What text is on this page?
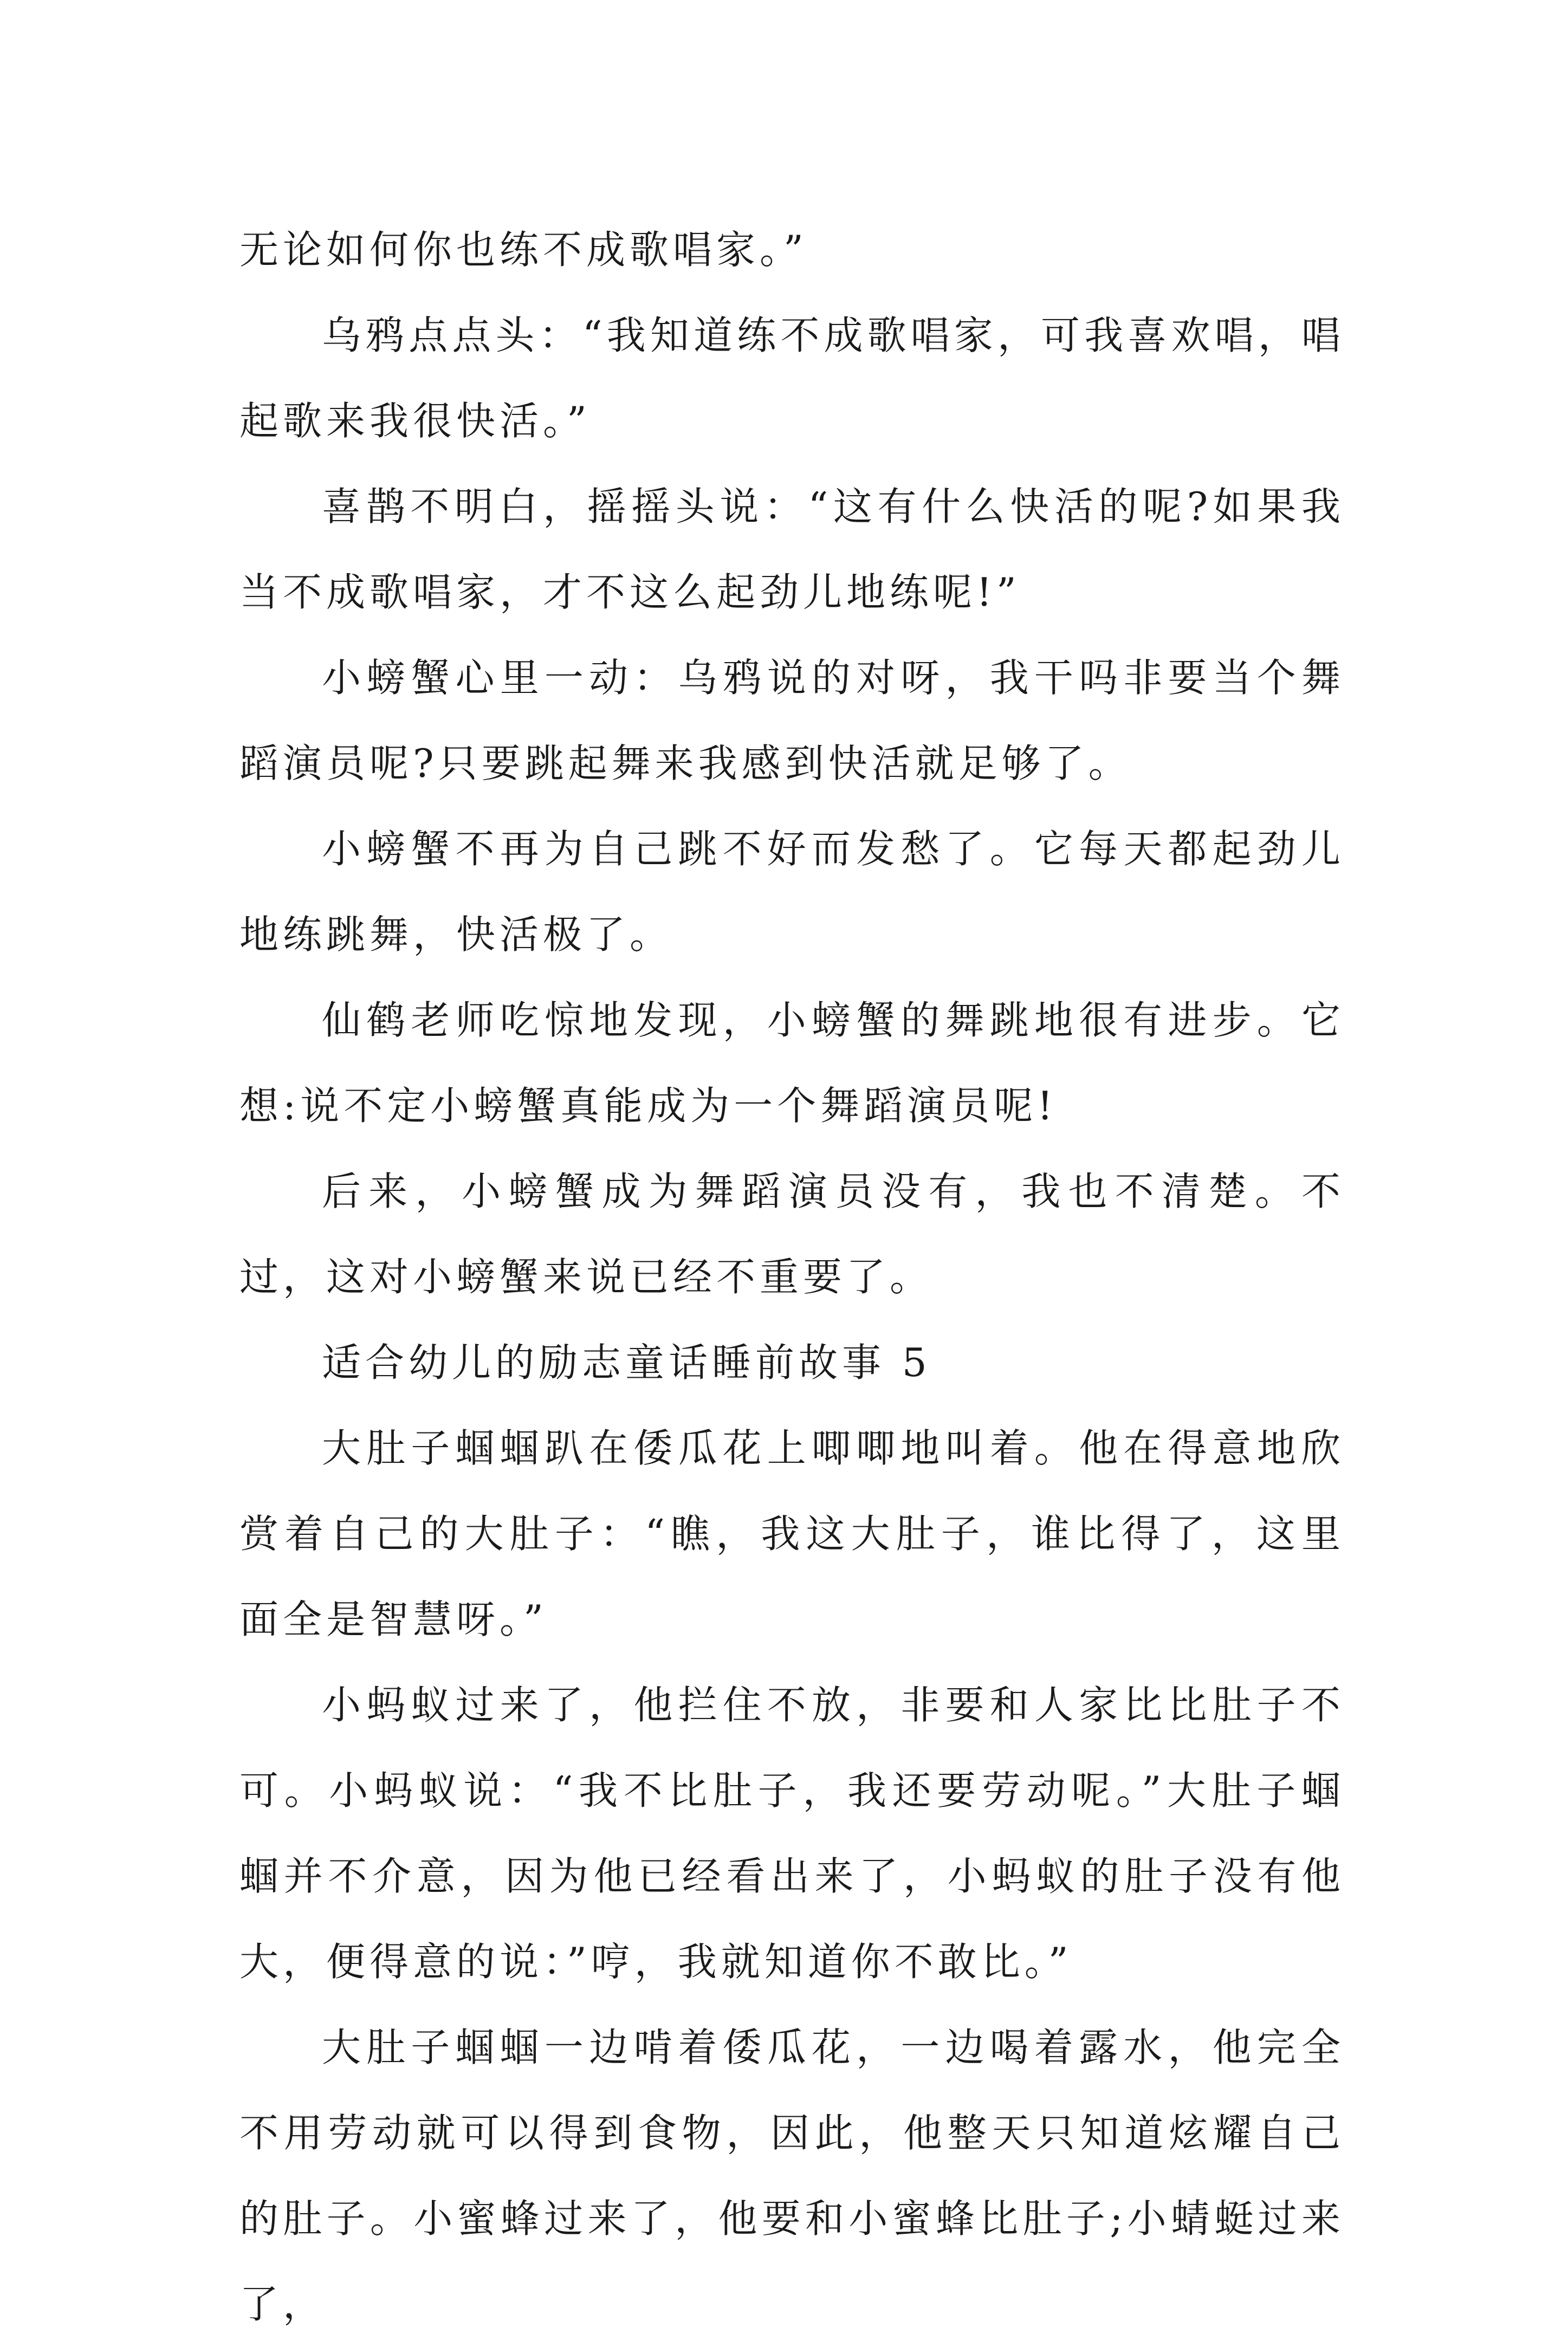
无论如何你也练不成歌唱家。”

乌鸦点点头：“我知道练不成歌唱家，可我喜欢唱，唱起歌来我很快活。”

喜鹊不明白，摇摇头说：“这有什么快活的呢?如果我当不成歌唱家，才不这么起劲儿地练呢!”

小螃蟹心里一动：乌鸦说的对呀，我干吗非要当个舞蹈演员呢?只要跳起舞来我感到快活就足够了。

小螃蟹不再为自己跳不好而发愁了。它每天都起劲儿地练跳舞，快活极了。

仙鹤老师吃惊地发现，小螃蟹的舞跳地很有进步。它想:说不定小螃蟹真能成为一个舞蹈演员呢!

后来，小螃蟹成为舞蹈演员没有，我也不清楚。不过，这对小螃蟹来说已经不重要了。

适合幼儿的励志童话睡前故事 5

大肚子蝈蝈趴在倭瓜花上唧唧地叫着。他在得意地欣赏着自己的大肚子：“瞧，我这大肚子，谁比得了，这里面全是智慧呀。”

小蚂蚁过来了，他拦住不放，非要和人家比比肚子不可。小蚂蚁说：“我不比肚子，我还要劳动呢。”大肚子蝈蝈并不介意，因为他已经看出来了，小蚂蚁的肚子没有他大，便得意的说：”哼，我就知道你不敢比。”

大肚子蝈蝈一边啃着倭瓜花，一边喝着露水，他完全不用劳动就可以得到食物，因此，他整天只知道炫耀自己的肚子。小蜜蜂过来了，他要和小蜜蜂比肚子;小蜻蜓过来了，
